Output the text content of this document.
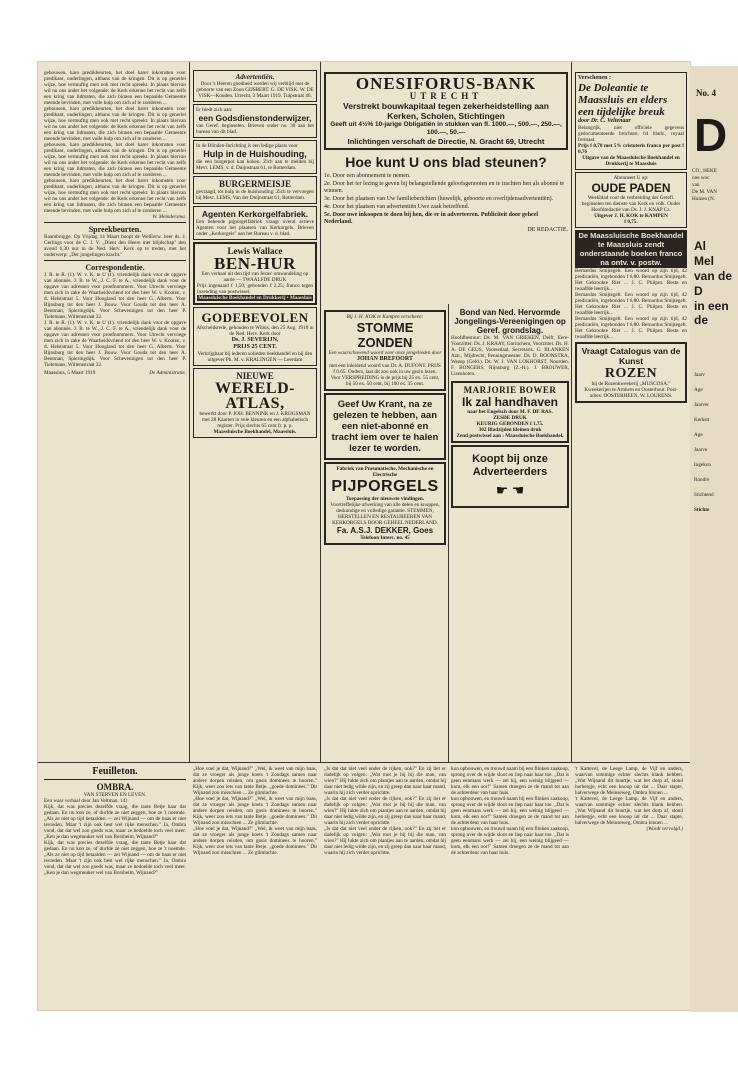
gebouwen, haro predikbeurten, het doel harer inkomsten voor predikant, ouderlingen, althans van de kringen. Dit is op generlei wijze, hoe vermuftig men ook met recht spreekt. In plaats hiervan wil nu ons ander het volgende: de Kerk erkenne het recht van zelfs een kring van lidmaten, die zich binnen een bepaalde Gemeente meende bevinden, met volle hulp om zich af te zonderen ...
gebouwen, haro predikbeurten, het doel harer inkomsten voor predikant, ouderlingen, althans van de kringen. Dit is op generlei wijze, hoe vermuftig men ook met recht spreekt. In plaats hiervan wil nu ons ander het volgende: de Kerk erkenne het recht van zelfs een kring van lidmaten, die zich binnen een bepaalde Gemeente meende bevinden, met volle hulp om zich af te zonderen ...
gebouwen, haro predikbeurten, het doel harer inkomsten voor predikant, ouderlingen, althans van de kringen. Dit is op generlei wijze, hoe vermuftig men ook met recht spreekt. In plaats hiervan wil nu ons ander het volgende: de Kerk erkenne het recht van zelfs een kring van lidmaten, die zich binnen een bepaalde Gemeente meende bevinden, met volle hulp om zich af te zonderen ...
gebouwen, haro predikbeurten, het doel harer inkomsten voor predikant, ouderlingen, althans van de kringen. Dit is op generlei wijze, hoe vermuftig men ook met recht spreekt. In plaats hiervan wil nu ons ander het volgende: de Kerk erkenne het recht van zelfs een kring van lidmaten, die zich binnen een bepaalde Gemeente meende bevinden, met volle hulp om zich af te zonderen ...
W. Meindersma.
Spreekbeurten.
Baambrugge. Op Vrijdag 14 Maart hoopt de WelEerw. heer ds. J. Gerlings voor de C. J. V. „Dient den Heere met blijdschap" den avond 6,30 uur in de Ned. Herv. Kerk op te treden, met het onderwerp: „Der jongelingen kracht."
Correspondentie.
J. R. te R. (1). W. v. K. te U (1). vriendelijk dank voor de opgave van abonnés. J. B. te W., J. C. F. te A., vriendelijk dank voor de opgave van adressen voor proefnummers. Voor Utrecht vervoege men zich in zake de Waarheidsvriend tot den heer W. v. Kooten, v. d. Helststraat 5. Voor Hoogland tot den heer G. Alberts. Voor Rijnsburg tot den heer J. Bouw. Voor Gouda tot den heer A. Bentman, Spieringdijk. Voor Scheveningen tot den heer P. Tielemans, Willemstraat 32.
J. R. te R. (1). W. v. K. te U (1). vriendelijk dank voor de opgave van abonnés. J. B. te W., J. C. F. te A., vriendelijk dank voor de opgave van adressen voor proefnummers. Voor Utrecht vervoege men zich in zake de Waarheidsvriend tot den heer W. v. Kooten, v. d. Helststraat 5. Voor Hoogland tot den heer G. Alberts. Voor Rijnsburg tot den heer J. Bouw. Voor Gouda tot den heer A. Bentman, Spieringdijk. Voor Scheveningen tot den heer P. Tielemans, Willemstraat 32.
Maassluis, 5 Maart 1919	De Administratie.
Advertentiën.
Door 's Heeren goedheid werden wij verblijd met de geboorte van een Zoon GIJSBERT. G. DE VISK. W. DE VISK—Kouden. Utrecht, 3 Maart 1919. Tulpstraat 40.
Er biedt zich aan:
een Godsdienstonderwijzer,
van Geref. beginselen. Brieven onder no. 30 aan het bureau van dit blad.
In de Blinden-Inrichting is een ledige plaats voor
Hulp in de Huishouding,
die een burgerpot kan koken. Zich aan te melden bij Mevr. LEMS, v. d. Duijnstraat 61, te Rotterdam.
BURGERMEISJE
gevraagd, tot hulp in de huishouding. Zich te vervoegen bij Mevr. LEMS, Van der Duijnstraat 61, Rotterdam.
Agenten Kerkorgelfabriek.
Een bekende pijporgelfabriek vraagt overal actieve Agenten voor het plaatsen van Kerkorgels. Brieven onder „Kerkorgels" aan het Bureau v. d. blad.
Lewis Wallace
BEN-HUR
Een verhaal uit den tijd van Jezus' omwandeling op aarde — TWAALFDE DRUK
Prijs ingenaaid f 1,50; gebonden f 2,25; franco tegen inzending van postwissel.
Maassluische Boekhandel en Drukkerij • Maassluis
GODEBEVOLEN
Afscheidsrede, gehouden te Wilnis, den 25 Aug. 1918 in de Ned. Herv. Kerk door
Ds. J. SEVERIJN,
PRIJS 25 CENT.
Verkrijgbaar bij iederen solieden boekhandel en bij den uitgever Ph. M. v. KRALINGEN — Leerdam
NIEUWE
WERELD-ATLAS,
bewerkt door P. JOH. BENNINK en J. KRIJGSMAN met 28 Kaarten in vele kleuren en een alphabetisch register. Prijs slechts 65 cent fr. p. p.
Maassluische Boekhandel, Maassluis.
ONESIFORUS-BANK
UTRECHT
Verstrekt bouwkapitaal tegen zekerheidstelling aan Kerken, Scholen, Stichtingen
Geeft uit 4½% 10-jarige Obligatiën in stukken van fl. 1000.—, 500.—, 250.—, 100.—, 50.—
Inlichtingen verschaft de Directie, N. Gracht 69, Utrecht
Hoe kunt U ons blad steunen?

1e. Door een abonnement te nemen.

2e. Door het ter lezing te geven bij belangstellende geloofsgenooten en te trachten hen als abonné te winnen.

3e. Door het plaatsen van Uw familieberichten (huwelijk, geboorte en overlijdensadvertentiën).

4e. Door het plaatsen van advertentiën Uwe zaak betreffend.

5e. Door uwe inkoopen te doen bij hen, die er in adverteeren. Publiciteit door geheel Nederland.

DE REDACTIE.
Bij J. H. KOK te Kampen verscheen:
STOMME ZONDEN
Een waarschuwend woord voor onze jongelieden door
JOHAN BREFOORT
met een inleidend woord van Dr. A. DUFONT. PRIJS f 0.65. Ouders, laat dit zoo ook in uw gezin lezen. Voor VERSPREIDING is de prijs bij 25 ex. 55 cent, bij 50 ex. 50 cent, bij 100 ex. 35 cent.
Geef Uw Krant, na ze gelezen te hebben, aan een niet-abonné en tracht iem over te halen lezer te worden.
Fabriek van Pneumatische, Mechanische en Electrische
PIJPORGELS
Toepassing der nieuwste vindingen.
Voortreffelijke afwerking van alle delen en knoppen, deskundige en volledige garantie. STEMMEN, HERSTELLEN EN RESTAUREEREN VAN KERKORGELS DOOR GEHEEL NEDERLAND.
Fa. A.S.J. DEKKER, Goes
Telefoon Interc. no. 45
Bond van Ned. Hervormde Jongelings-Vereenigingen op Geref. grondslag.
Hoofdbestuur: Ds. M. VAN GRIEKEN, Delft, Eere-Voorzitter. Ds. J. KRAAY, Gorinchem, Voorzitter. Ds. H. A. DE GEUS, Voorsedaal, Secretaris. G. BLANKEN Azn., Mijdrecht, Penningmeester. Ds. D. BOONSTRA, Wezep (Geld.). Ds. W. J. VAN LOKHORST, Noorden. F. BONGERS, Rijnsburg (Z.-H.). J. BROUWER, Lisenhoten.
MARJORIE BOWER
Ik zal handhaven
naar het Engelsch door M. F. DE RAS.
ZESDE DRUK
KEURIG GEBONDEN f 1.75.
302 Bladzijden kleinen druk
Zend postwissel aan : Maassluische Boekhandel.
Koopt bij onze Adverteerders
☛ ☚
Verschenen :
De Doleantie te Maassluis en elders een tijdelijke breuk
door Dr. C. Veltenaar
Belangrijk, niet officiele gegevens gedocumenteerde brochure, 64 bladz., royaal formaat.
Prijs f 0,70 met 5% cristoteris franco per post f 0,76
Uitgave van de Maassluische Boekhandel en Drukkerij te Maassluis
Abonneert U op:
OUDE PADEN
Weekblad voor de verbreiding der Gerefl. beginselen ten dienste van Kerk en volk. Onder Hoofdredactie van Ds. J. J. KNAP Cz.
Uitgever J. H. KOK te KAMPEN
f 0,75.
De Maassluische Boekhandel te Maassluis zendt onderstaande boeken franco na ontv. v. postw.
Bernardus Smijtegelt. Een woord op zijn tijd, 42 predicatiën, ingebonden f 6,80. Bernardus Smijtegelt. Het Gekrookte Riet ... J. C. Philpot. Beste en twaalfde leerrijk...
Bernardus Smijtegelt. Een woord op zijn tijd, 42 predicatiën, ingebonden f 6,80. Bernardus Smijtegelt. Het Gekrookte Riet ... J. C. Philpot. Beste en twaalfde leerrijk...
Bernardus Smijtegelt. Een woord op zijn tijd, 42 predicatiën, ingebonden f 6,80. Bernardus Smijtegelt. Het Gekrookte Riet ... J. C. Philpot. Beste en twaalfde leerrijk...
Vraagt Catalogus van de Kunst
ROZEN
bij de Rozenkweekerij „MUSCOSA." Kweekerijen te Arnhem en Oosterhout. Post-adres: OOSTERHEEN, W. LOURENS.
Feuilleton.
OMBRA.
VAN STERVEN EN LEVEN.
Een waar verhaal door Jan Veltman. 14)
Kijk, dat was precies dezelfde vraag, die tante Betje haar dat gedaan. En nu kon ze, of durfde ze niet zeggen, hoe ze 't noemde. „Als ze niet op tijd betaalden — zei Wijnand — om de baas er niet tevreden. Maar 't zijn ook best wel rijke menschen." Ja, Ombra vond, dat dat wel zoo goeds was, maar ze bedoelde toch veel meer. „Ken je dan wegmuuker wel van Borsheim, Wijnand?"
Kijk, dat was precies dezelfde vraag, die tante Betje haar dat gedaan. En nu kon ze, of durfde ze niet zeggen, hoe ze 't noemde. „Als ze niet op tijd betaalden — zei Wijnand — om de baas er niet tevreden. Maar 't zijn ook best wel rijke menschen." Ja, Ombra vond, dat dat wel zoo goeds was, maar ze bedoelde toch veel meer. „Ken je dan wegmuuker wel van Borsheim, Wijnand?"
„Hoe voel je dat, Wijnand?" „Wel, ik weet van mijn baas, dat ze vroeger als jonge koets 't Zondags samen naar andere dorpen reisden, om gosis dominees te hooren." Kijk, weer zoo iets van tante Betje. „goede dominees." Dit Wijnand zon misschien ... Ze glimlachte.
„Hoe voel je dat, Wijnand?" „Wel, ik weet van mijn baas, dat ze vroeger als jonge koets 't Zondags samen naar andere dorpen reisden, om gosis dominees te hooren." Kijk, weer zoo iets van tante Betje. „goede dominees." Dit Wijnand zon misschien ... Ze glimlachte.
„Hoe voel je dat, Wijnand?" „Wel, ik weet van mijn baas, dat ze vroeger als jonge koets 't Zondags samen naar andere dorpen reisden, om gosis dominees te hooren." Kijk, weer zoo iets van tante Betje. „goede dominees." Dit Wijnand zon misschien ... Ze glimlachte.
„Is dat dat niet veel onder de rijken, ook?" En zij liet er dadelijk op volgen: „Wat mot je bij bij die man, van wien?" Hij lukte zich om plantjes aan te aarden, omdat hij daar niet ledig wilde zijn, en zij greep dan naar haar mand, waarin hij zich verder oprichtte.
„Is dat dat niet veel onder de rijken, ook?" En zij liet er dadelijk op volgen: „Wat mot je bij bij die man, van wien?" Hij lukte zich om plantjes aan te aarden, omdat hij daar niet ledig wilde zijn, en zij greep dan naar haar mand, waarin hij zich verder oprichtte.
„Is dat dat niet veel onder de rijken, ook?" En zij liet er dadelijk op volgen: „Wat mot je bij bij die man, van wien?" Hij lukte zich om plantjes aan te aarden, omdat hij daar niet ledig wilde zijn, en zij greep dan naar haar mand, waarin hij zich verder oprichtte.
kon opbouwen, en trouwd naam bij een flinken zaakoop, sprong over de wijde sloot en liep naar haar toe. „Dat is geen eenmans werk — zei hij, een weinig blijgeed — kom, elk een oor!" Samen droegen ze de mand tot aan de achterdeur van haar huis.
kon opbouwen, en trouwd naam bij een flinken zaakoop, sprong over de wijde sloot en liep naar haar toe. „Dat is geen eenmans werk — zei hij, een weinig blijgeed — kom, elk een oor!" Samen droegen ze de mand tot aan de achterdeur van haar huis.
kon opbouwen, en trouwd naam bij een flinken zaakoop, sprong over de wijde sloot en liep naar haar toe. „Dat is geen eenmans werk — zei hij, een weinig blijgeed — kom, elk een oor!" Samen droegen ze de mand tot aan de achterdeur van haar huis.
't Kattevel, de Leege Lamp, de Vijf en anders, waarvan sommige echter slechts klank hebben. „Wat Wijnand dit buurtje, wat het dorp af, stond herbergje, echt een knoop uit dat ... Daar stapte, halverwege de Meinseweg, Ombra binnen ...
't Kattevel, de Leege Lamp, de Vijf en anders, waarvan sommige echter slechts klank hebben. „Wat Wijnand dit buurtje, wat het dorp af, stond herbergje, echt een knoop uit dat ... Daar stapte, halverwege de Meinseweg, Ombra binnen ...
(Wordt vervolgd.)
No. 4
D

CO., HEKE

one woc

van

De M. VAN

Huizen (N.

Al

Mel

van de

D

in een de

Jaarv

Age

Jaarver

Kerkstr

Age

Jaarve

Ingekon

Rondre

Stichtend

Stichte
